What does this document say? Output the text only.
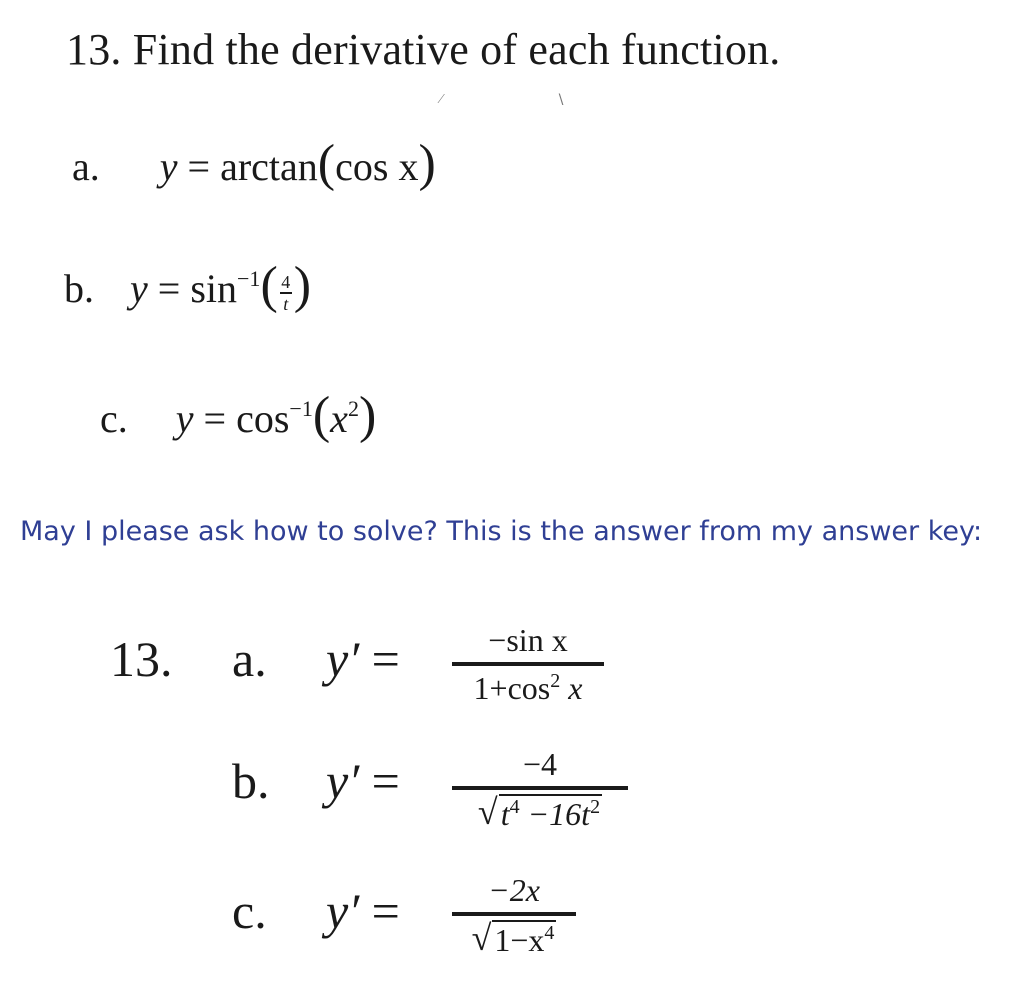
13. Find the derivative of each function.
⁄	∖
a. y = arctan(cos x)
b. $y = \sin^{-1}( \frac{4}{t}$ )
c. $y = \cos^{-1}(x^2)$
May I please ask how to solve? This is the answer from my answer key:
13. a. y′ =	−sin x
$1+\cos^2$ x
b. y′ =	−4
√ $t^4 -16t^2$
c. y′ =	−2x
√ $1-x^4$
